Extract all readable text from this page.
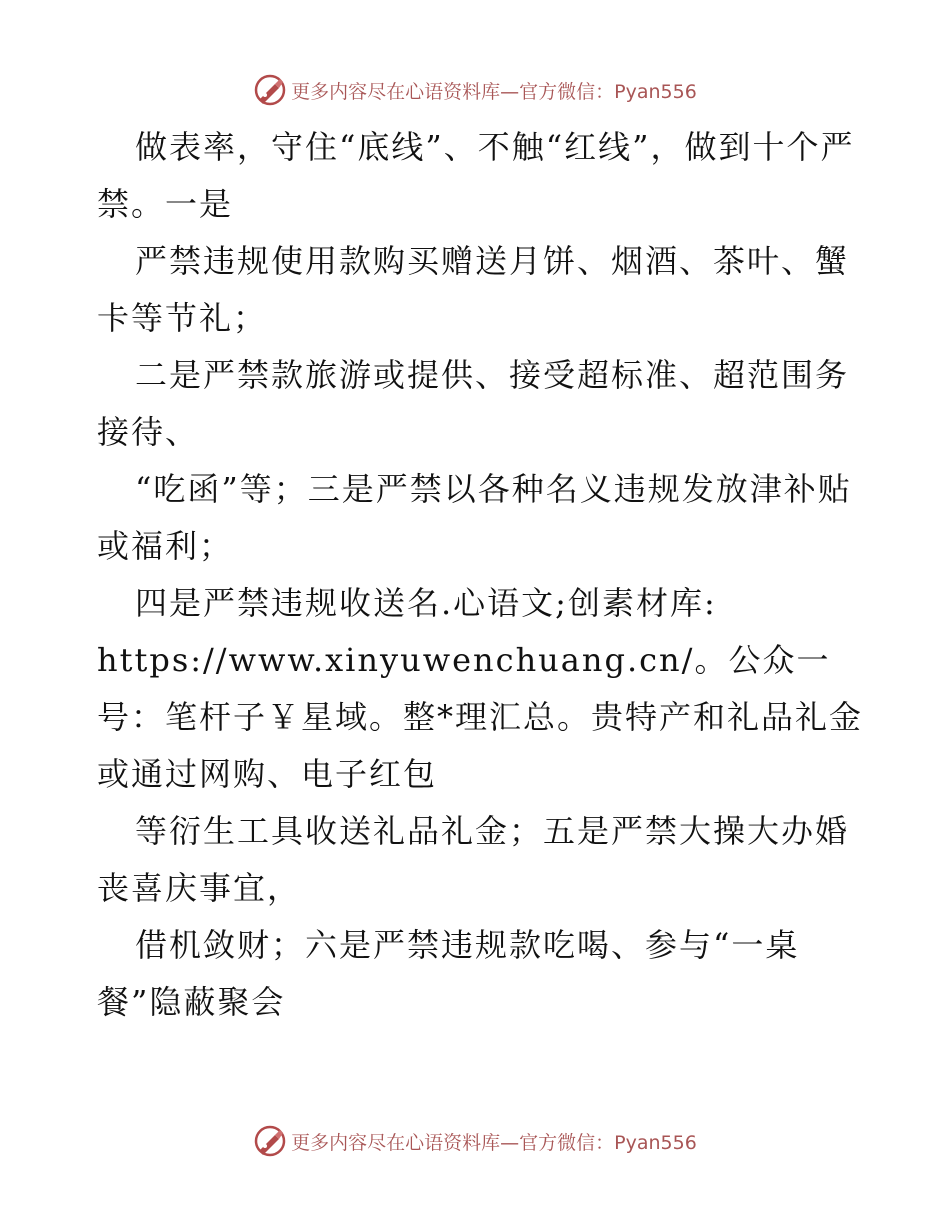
更多内容尽在心语资料库—官方微信：Pyan556

做表率，守住“底线”、不触“红线”，做到十个严禁。一是

严禁违规使用款购买赠送月饼、烟酒、茶叶、蟹卡等节礼；

二是严禁款旅游或提供、接受超标准、超范围务接待、

“吃函”等；三是严禁以各种名义违规发放津补贴或福利；

四是严禁违规收送名.心语文;创素材库:

https://www.xinyuwenchuang.cn/。公众一号：笔杆子￥星域。整*理汇总。贵特产和礼品礼金或通过网购、电子红包

等衍生工具收送礼品礼金；五是严禁大操大办婚丧喜庆事宜，

借机敛财；六是严禁违规款吃喝、参与“一桌餐”隐蔽聚会

更多内容尽在心语资料库—官方微信：Pyan556
